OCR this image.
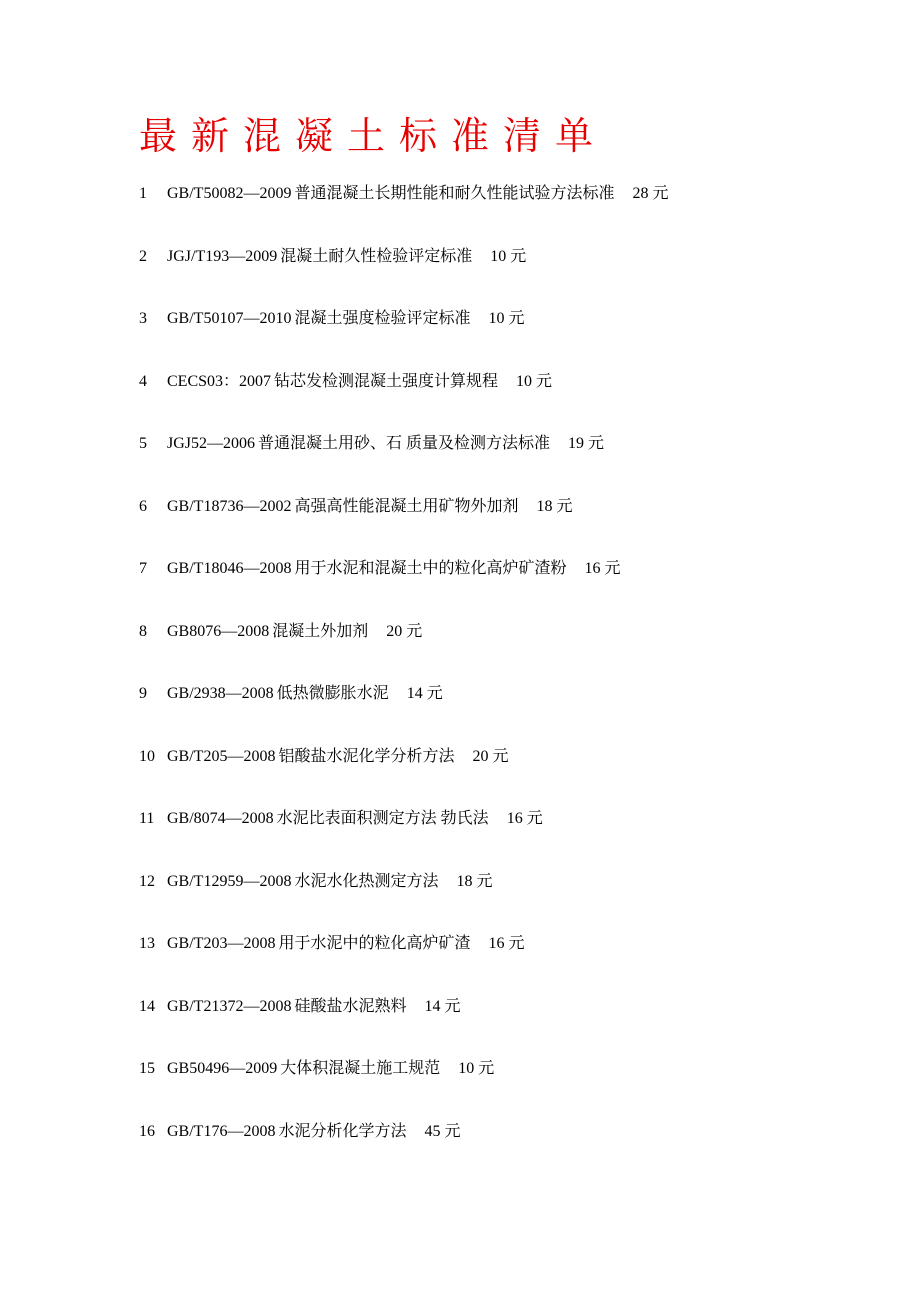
最新混凝土标准清单
1 GB/T50082—2009 普通混凝土长期性能和耐久性能试验方法标准 28 元
2 JGJ/T193—2009 混凝土耐久性检验评定标准 10 元
3 GB/T50107—2010 混凝土强度检验评定标准 10 元
4 CECS03：2007 钻芯发检测混凝土强度计算规程 10 元
5 JGJ52—2006 普通混凝土用砂、石 质量及检测方法标准 19 元
6 GB/T18736—2002 高强高性能混凝土用矿物外加剂 18 元
7 GB/T18046—2008 用于水泥和混凝土中的粒化高炉矿渣粉 16 元
8 GB8076—2008 混凝土外加剂 20 元
9 GB/2938—2008 低热微膨胀水泥 14 元
10 GB/T205—2008 铝酸盐水泥化学分析方法 20 元
11 GB/8074—2008 水泥比表面积测定方法 勃氏法 16 元
12 GB/T12959—2008 水泥水化热测定方法 18 元
13 GB/T203—2008 用于水泥中的粒化高炉矿渣 16 元
14 GB/T21372—2008 硅酸盐水泥熟料 14 元
15 GB50496—2009 大体积混凝土施工规范 10 元
16 GB/T176—2008 水泥分析化学方法 45 元
